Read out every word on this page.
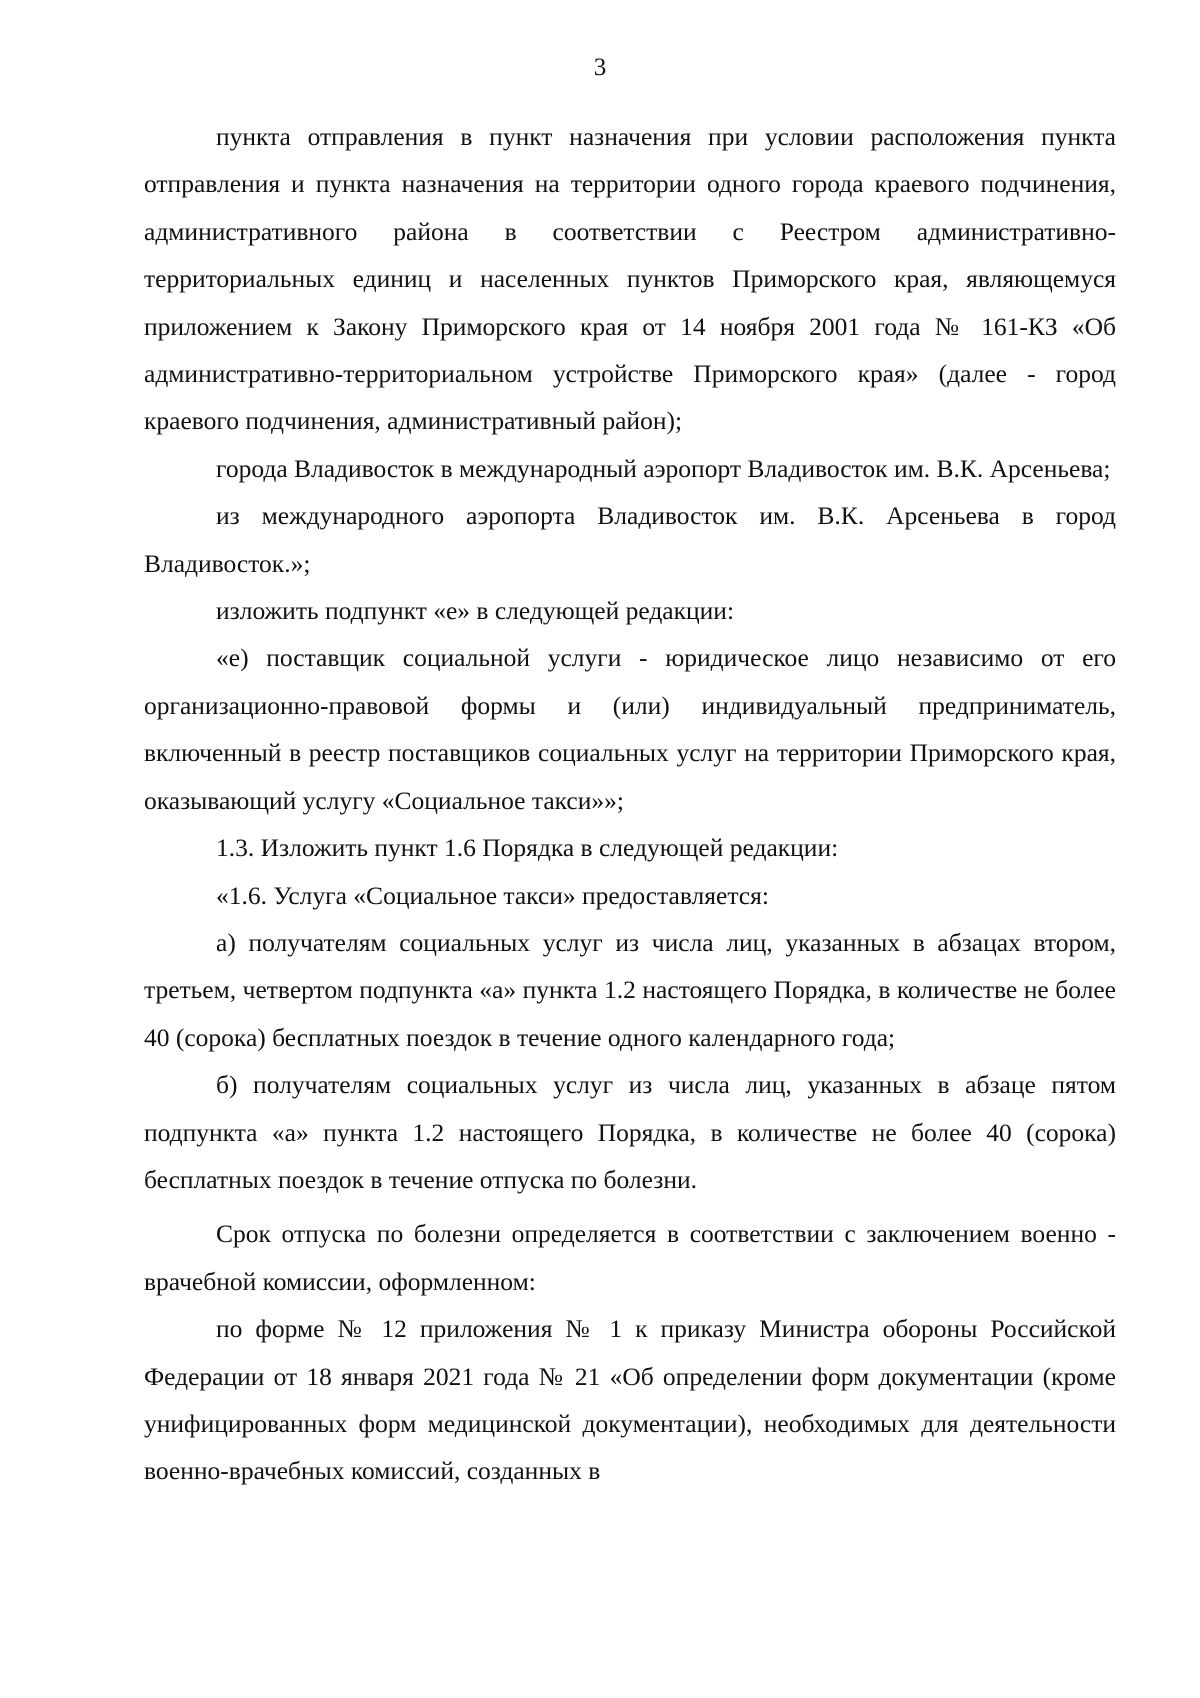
3

пункта отправления в пункт назначения при условии расположения пункта отправления и пункта назначения на территории одного города краевого подчинения, административного района в соответствии с Реестром административно-территориальных единиц и населенных пунктов Приморского края, являющемуся приложением к Закону Приморского края от 14 ноября 2001 года № 161-КЗ «Об административно-территориальном устройстве Приморского края» (далее - город краевого подчинения, административный район);

города Владивосток в международный аэропорт Владивосток им. В.К. Арсеньева;

из международного аэропорта Владивосток им. В.К. Арсеньева в город Владивосток.»;

изложить подпункт «е» в следующей редакции:

«е) поставщик социальной услуги - юридическое лицо независимо от его организационно-правовой формы и (или) индивидуальный предприниматель, включенный в реестр поставщиков социальных услуг на территории Приморского края, оказывающий услугу «Социальное такси»»;

1.3. Изложить пункт 1.6 Порядка в следующей редакции:

«1.6. Услуга «Социальное такси» предоставляется:

а) получателям социальных услуг из числа лиц, указанных в абзацах втором, третьем, четвертом подпункта «а» пункта 1.2 настоящего Порядка, в количестве не более 40 (сорока) бесплатных поездок в течение одного календарного года;

б) получателям социальных услуг из числа лиц, указанных в абзаце пятом подпункта «а» пункта 1.2 настоящего Порядка, в количестве не более 40 (сорока) бесплатных поездок в течение отпуска по болезни.

Срок отпуска по болезни определяется в соответствии с заключением военно - врачебной комиссии, оформленном:

по форме № 12 приложения № 1 к приказу Министра обороны Российской Федерации от 18 января 2021 года № 21 «Об определении форм документации (кроме унифицированных форм медицинской документации), необходимых для деятельности военно-врачебных комиссий, созданных в
